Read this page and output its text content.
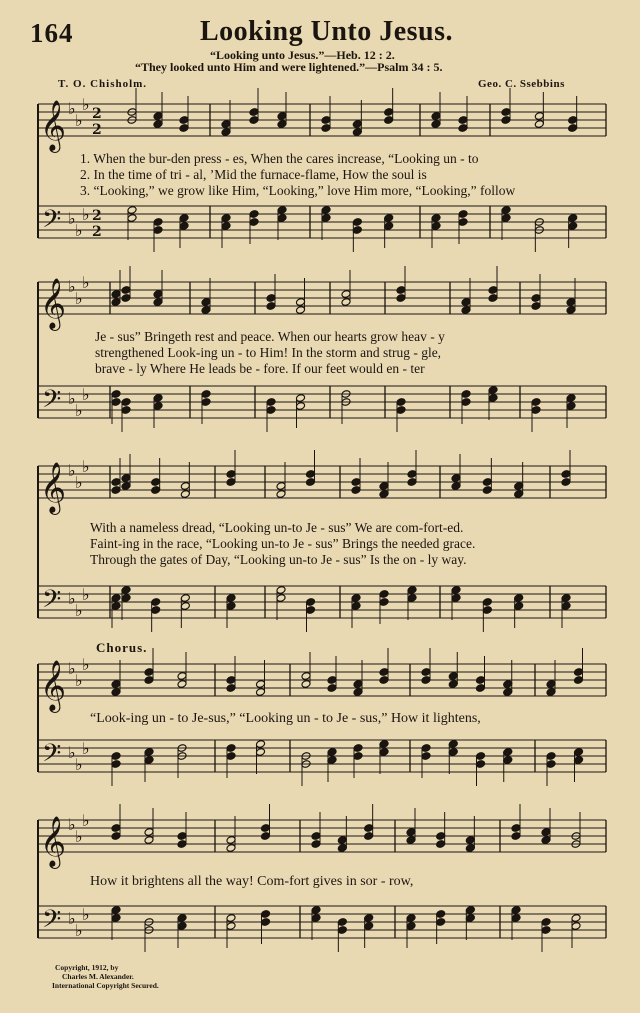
164	Looking Unto Jesus.
“Looking unto Jesus.”—Heb. 12 : 2.
“They looked unto Him and were lightened.”—Psalm 34 : 5.
T. O. Chisholm.	Geo. C. Ssebbins
𝄞
𝄢
♭
♭
♭
♭
♭
♭
2
2
2
2
𝄞
𝄢
♭
♭
♭
♭
♭
♭
𝄞
𝄢
♭
♭
♭
♭
♭
♭
𝄞
𝄢
♭
♭
♭
♭
♭
♭
𝄞
𝄢
♭
♭
♭
♭
♭
♭
1. When the bur-den press - es, When the cares increase, “Looking un - to
2. In the time of tri - al, ’Mid the furnace-flame, How the soul is
3. “Looking,” we grow like Him, “Looking,” love Him more, “Looking,” follow
Je - sus” Bringeth rest and peace. When our hearts grow heav - y
strengthened Look-ing un - to Him! In the storm and strug - gle,
brave - ly Where He leads be - fore. If our feet would en - ter
With a nameless dread, “Looking un-to Je - sus” We are com-fort-ed.
Faint-ing in the race, “Looking un-to Je - sus” Brings the needed grace.
Through the gates of Day, “Looking un-to Je - sus” Is the on - ly way.
Chorus.
“Look-ing un - to Je-sus,” “Looking un - to Je - sus,” How it lightens,
How it brightens all the way! Com-fort gives in sor - row,
Copyright, 1912, by
Charles M. Alexander.
International Copyright Secured.
